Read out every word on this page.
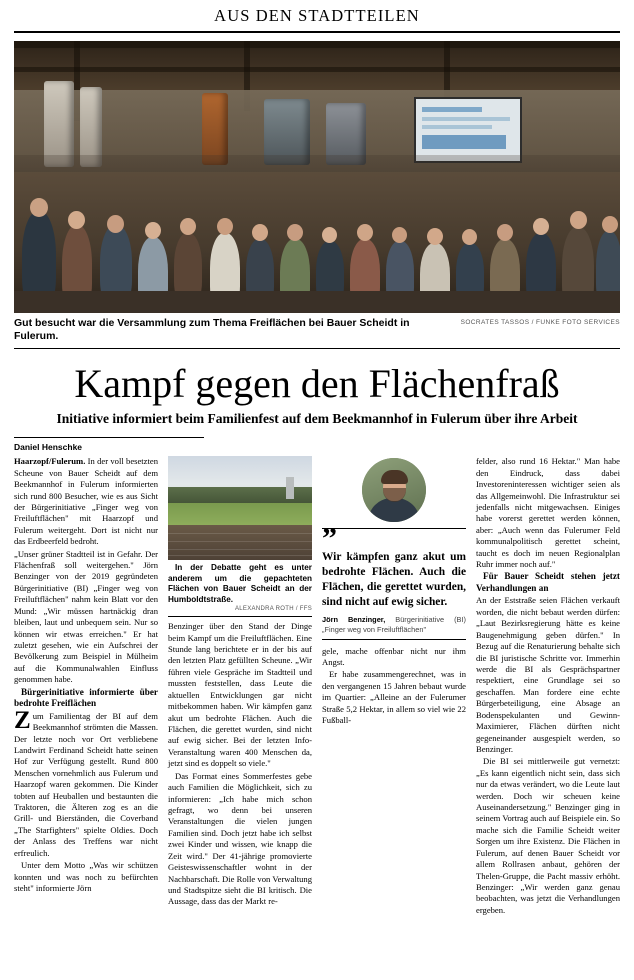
AUS DEN STADTTEILEN
Gut besucht war die Versammlung zum Thema Freiflächen bei Bauer Scheidt in Fulerum.
SOCRATES TASSOS / FUNKE FOTO SERVICES
Kampf gegen den Flächenfraß
Initiative informiert beim Familienfest auf dem Beekmannhof in Fulerum über ihre Arbeit
Daniel Henschke

Haarzopf/Fulerum. In der voll besetzten Scheune von Bauer Scheidt auf dem Beekmannhof in Fulerum informierten sich rund 800 Besucher, wie es aus Sicht der Bürgerinitiative „Finger weg von Freiluftflächen" mit Haarzopf und Fulerum weitergeht. Dort ist nicht nur das Erdbeerfeld bedroht.

„Unser grüner Stadtteil ist in Gefahr. Der Flächenfraß soll weitergehen." Jörn Benzinger von der 2019 gegründeten Bürgerinitiative (BI) „Finger weg von Freiluftflächen" nahm kein Blatt vor den Mund: „Wir müssen hartnäckig dran bleiben, laut und unbequem sein. Nur so können wir etwas erreichen." Er hat zuletzt gesehen, wie ein Aufschrei der Bevölkerung zum Beispiel in Mülheim auf die Kommunalwahlen Einfluss genommen habe.

Bürgerinitiative informierte über bedrohte Freiflächen

Zum Familientag der BI auf dem Beekmannhof strömten die Massen. Der letzte noch vor Ort verbliebene Landwirt Ferdinand Scheidt hatte seinen Hof zur Verfügung gestellt. Rund 800 Menschen vornehmlich aus Fulerum und Haarzopf waren gekommen. Die Kinder tobten auf Heuballen und bestaunten die Traktoren, die Älteren zog es an die Grill- und Bierständen, die Coverband „The Starfighters" spielte Oldies. Doch der Anlass des Treffens war nicht erfreulich.

Unter dem Motto „Was wir schützen konnten und was noch zu befürchten steht" informierte Jörn

In der Debatte geht es unter anderem um die gepachteten Flächen von Bauer Scheidt an der Humboldtstraße.

ALEXANDRA ROTH / FFS

Benzinger über den Stand der Dinge beim Kampf um die Freiluftflächen. Eine Stunde lang berichtete er in der bis auf den letzten Platz gefüllten Scheune. „Wir führen viele Gespräche im Stadtteil und mussten feststellen, dass Leute die aktuellen Entwicklungen gar nicht mitbekommen haben. Wir kämpfen ganz akut um bedrohte Flächen. Auch die Flächen, die gerettet wurden, sind nicht auf ewig sicher. Bei der letzten Info-Veranstaltung waren 400 Menschen da, jetzt sind es doppelt so viele."

Das Format eines Sommerfestes gebe auch Familien die Möglichkeit, sich zu informieren: „Ich habe mich schon gefragt, wo denn bei unseren Veranstaltungen die vielen jungen Familien sind. Doch jetzt habe ich selbst zwei Kinder und wissen, wie knapp die Zeit wird." Der 41-jährige promovierte Geisteswissenschaftler wohnt in der Nachbarschaft. Die Rolle von Verwaltung und Stadtspitze sieht die BI kritisch. Die Aussage, dass das der Markt re-

”
Wir kämpfen ganz akut um bedrohte Flächen. Auch die Flächen, die gerettet wurden, sind nicht auf ewig sicher.
Jörn Benzinger, Bürgerinitiative (BI) „Finger weg von Freiluftflächen"

gele, mache offenbar nicht nur ihm Angst.

Er habe zusammengerechnet, was in den vergangenen 15 Jahren bebaut wurde im Quartier: „Alleine an der Fulerumer Straße 5,2 Hektar, in allem so viel wie 22 Fußball-

felder, also rund 16 Hektar." Man habe den Eindruck, dass dabei Investoreninteressen wichtiger seien als das Allgemeinwohl. Die Infrastruktur sei jedenfalls nicht mitgewachsen. Einiges habe vorerst gerettet werden können, aber: „Auch wenn das Fulerumer Feld kommunalpolitisch gerettet scheint, taucht es doch im neuen Regionalplan Ruhr immer noch auf."

Für Bauer Scheidt stehen jetzt Verhandlungen an

An der Eststraße seien Flächen verkauft worden, die nicht bebaut werden dürfen: „Laut Bezirksregierung hätte es keine Baugenehmigung geben dürfen." In Bezug auf die Renaturierung behalte sich die BI juristische Schritte vor. Immerhin werde die BI als Gesprächspartner respektiert, eine Grundlage sei so geschaffen. Man fordere eine echte Bürgerbeteiligung, eine Absage an Bodenspekulanten und Gewinn-Maximierer, Flächen dürften nicht gegeneinander ausgespielt werden, so Benzinger.

Die BI sei mittlerweile gut vernetzt: „Es kann eigentlich nicht sein, dass sich nur da etwas verändert, wo die Leute laut werden. Doch wir scheuen keine Auseinandersetzung." Benzinger ging in seinem Vortrag auch auf Beispiele ein. So mache sich die Familie Scheidt weiter Sorgen um ihre Existenz. Die Flächen in Fulerum, auf denen Bauer Scheidt vor allem Rollrasen anbaut, gehören der Thelen-Gruppe, die Pacht massiv erhöht. Benzinger: „Wir werden ganz genau beobachten, was jetzt die Verhandlungen ergeben.
